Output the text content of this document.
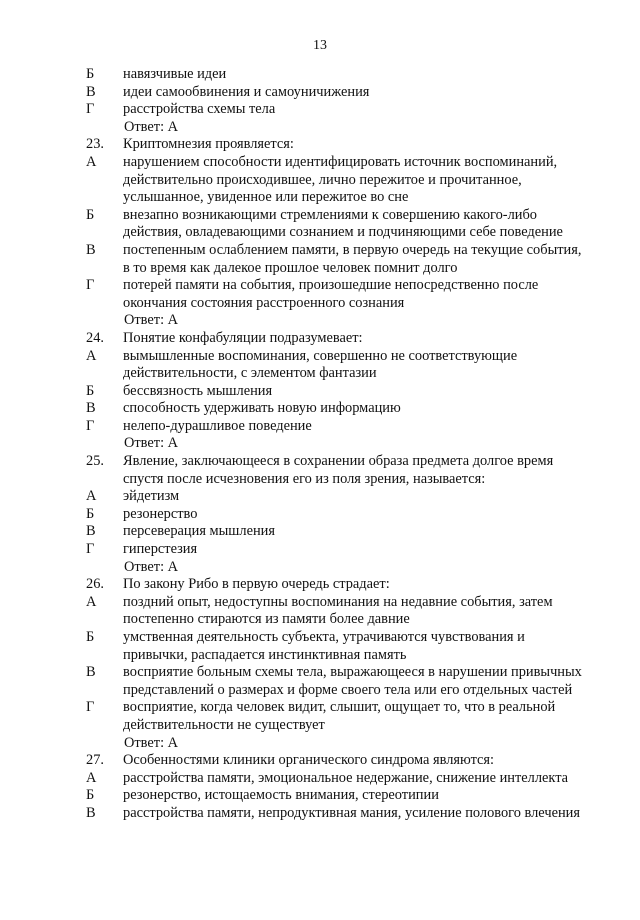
13
Б	навязчивые идеи
В	идеи самообвинения и самоуничижения
Г	расстройства схемы тела
Ответ: А
23.	Криптомнезия проявляется:
А	нарушением способности идентифицировать источник воспоминаний,
действительно происходившее, лично пережитое и прочитанное,
услышанное, увиденное или пережитое во сне
Б	внезапно возникающими стремлениями к совершению какого-либо
действия, овладевающими сознанием и подчиняющими себе поведение
В	постепенным ослаблением памяти, в первую очередь на текущие события,
в то время как далекое прошлое человек помнит долго
Г	потерей памяти на события, произошедшие непосредственно после
окончания состояния расстроенного сознания
Ответ: А
24.	Понятие конфабуляции подразумевает:
А	вымышленные воспоминания, совершенно не соответствующие
действительности, с элементом фантазии
Б	бессвязность мышления
В	способность удерживать новую информацию
Г	нелепо-дурашливое поведение
Ответ: А
25.	Явление, заключающееся в сохранении образа предмета долгое время
спустя после исчезновения его из поля зрения, называется:
А	эйдетизм
Б	резонерство
В	персеверация мышления
Г	гиперстезия
Ответ: А
26.	По закону Рибо в первую очередь страдает:
А	поздний опыт, недоступны воспоминания на недавние события, затем
постепенно стираются из памяти более давние
Б	умственная деятельность субъекта, утрачиваются чувствования и
привычки, распадается инстинктивная память
В	восприятие больным схемы тела, выражающееся в нарушении привычных
представлений о размерах и форме своего тела или его отдельных частей
Г	восприятие, когда человек видит, слышит, ощущает то, что в реальной
действительности не существует
Ответ: А
27.	Особенностями клиники органического синдрома являются:
А	расстройства памяти, эмоциональное недержание, снижение интеллекта
Б	резонерство, истощаемость внимания, стереотипии
В	расстройства памяти, непродуктивная мания, усиление полового влечения
